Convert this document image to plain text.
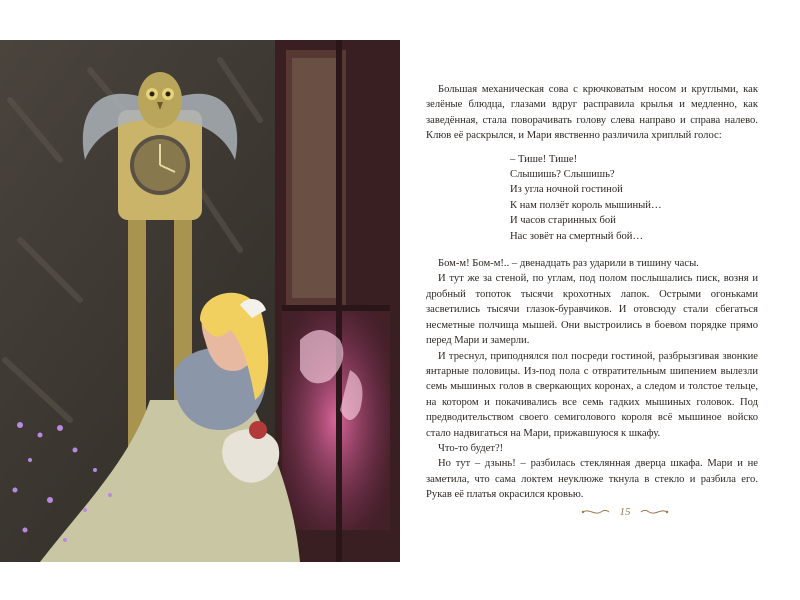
Большая механическая сова с крючковатым носом и круглыми, как зелёные блюдца, глазами вдруг расправила крылья и медленно, как заведённая, стала поворачивать голову слева направо и справа налево. Клюв её раскрылся, и Мари явственно различила хриплый голос:

– Тише! Тише!
Слышишь? Слышишь?
Из угла ночной гостиной
К нам ползёт король мышиный…
И часов старинных бой
Нас зовёт на смертный бой…

Бом-м! Бом-м!.. – двенадцать раз ударили в тишину часы.

И тут же за стеной, по углам, под полом послышались писк, возня и дробный топоток тысячи крохотных лапок. Острыми огоньками засветились тысячи глазок-буравчиков. И отовсюду стали сбегаться несметные полчища мышей. Они выстроились в боевом порядке прямо перед Мари и замерли.

И треснул, приподнялся пол посреди гостиной, разбрызгивая звонкие янтарные половицы. Из-под пола с отвратительным шипением вылезли семь мышиных голов в сверкающих коронах, а следом и толстое тельце, на котором и покачивались все семь гадких мышиных головок. Под предводительством своего семиголового короля всё мышиное войско стало надвигаться на Мари, прижавшуюся к шкафу.

Что-то будет?!

Но тут – дзынь! – разбилась стеклянная дверца шкафа. Мари и не заметила, что сама локтем неуклюже ткнула в стекло и разбила его. Рукав её платья окрасился кровью.

15
